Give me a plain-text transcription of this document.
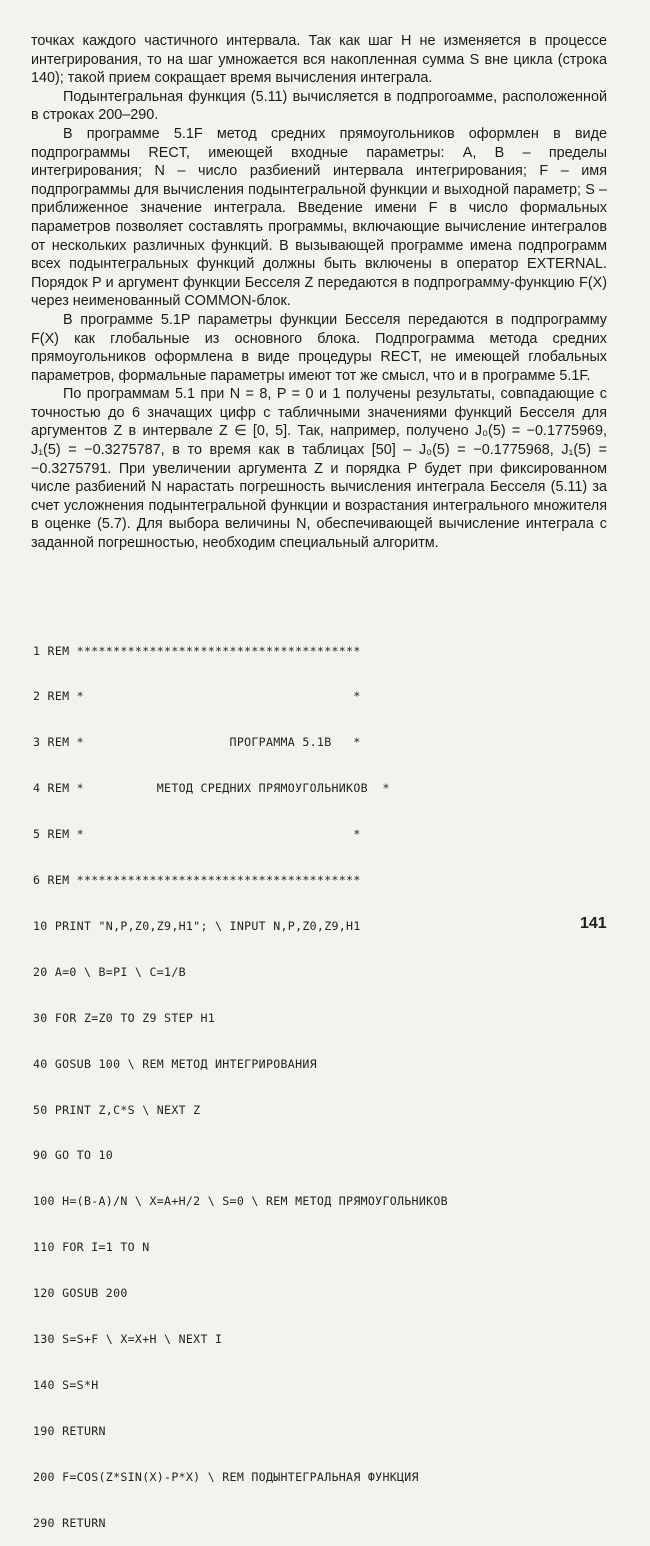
точках каждого частичного интервала. Так как шаг H не изменяется в процессе интегрирования, то на шаг умножается вся накопленная сумма S вне цикла (строка 140); такой прием сокращает время вычисления интеграла.

Подынтегральная функция (5.11) вычисляется в подпрогоамме, расположенной в строках 200–290.

В программе 5.1F метод средних прямоугольников оформлен в виде подпрограммы RECT, имеющей входные параметры: A, B – пределы интегрирования; N – число разбиений интервала интегрирования; F – имя подпрограммы для вычисления подынтегральной функции и выходной параметр; S – приближенное значение интеграла. Введение имени F в число формальных параметров позволяет составлять программы, включающие вычисление интегралов от нескольких различных функций. В вызывающей программе имена подпрограмм всех подынтегральных функций должны быть включены в оператор EXTERNAL. Порядок P и аргумент функции Бесселя Z передаются в подпрограмму-функцию F(X) через неименованный COMMON-блок.

В программе 5.1P параметры функции Бесселя передаются в подпрограмму F(X) как глобальные из основного блока. Подпрограмма метода средних прямоугольников оформлена в виде процедуры RECT, не имеющей глобальных параметров, формальные параметры имеют тот же смысл, что и в программе 5.1F.

По программам 5.1 при N = 8, P = 0 и 1 получены результаты, совпадающие с точностью до 6 значащих цифр с табличными значениями функций Бесселя для аргументов Z в интервале Z ∈ [0, 5]. Так, например, получено J₀(5) = −0.1775969, J₁(5) = −0.3275787, в то время как в таблицах [50] – J₀(5) = −0.1775968, J₁(5) = −0.3275791. При увеличении аргумента Z и порядка P будет при фиксированном числе разбиений N нарастать погрешность вычисления интеграла Бесселя (5.11) за счет усложнения подынтегральной функции и возрастания интегрального множителя в оценке (5.7). Для выбора величины N, обеспечивающей вычисление интеграла с заданной погрешностью, необходим специальный алгоритм.

1 REM ***************************************

2 REM *                                     *

3 REM *                    ПРОГРАММА 5.1В   *

4 REM *          МЕТОД СРЕДНИХ ПРЯМОУГОЛЬНИКОВ  *

5 REM *                                     *

6 REM ***************************************

10 PRINT "N,P,Z0,Z9,H1"; \ INPUT N,P,Z0,Z9,H1

20 A=0 \ B=PI \ C=1/B

30 FOR Z=Z0 TO Z9 STEP H1

40 GOSUB 100 \ REM МЕТОД ИНТЕГРИРОВАНИЯ

50 PRINT Z,C*S \ NEXT Z

90 GO TO 10

100 H=(B-A)/N \ X=A+H/2 \ S=0 \ REM МЕТОД ПРЯМОУГОЛЬНИКОВ

110 FOR I=1 TO N

120 GOSUB 200

130 S=S+F \ X=X+H \ NEXT I

140 S=S*H

190 RETURN

200 F=COS(Z*SIN(X)-P*X) \ REM ПОДЫНТЕГРАЛЬНАЯ ФУНКЦИЯ

290 RETURN

141
